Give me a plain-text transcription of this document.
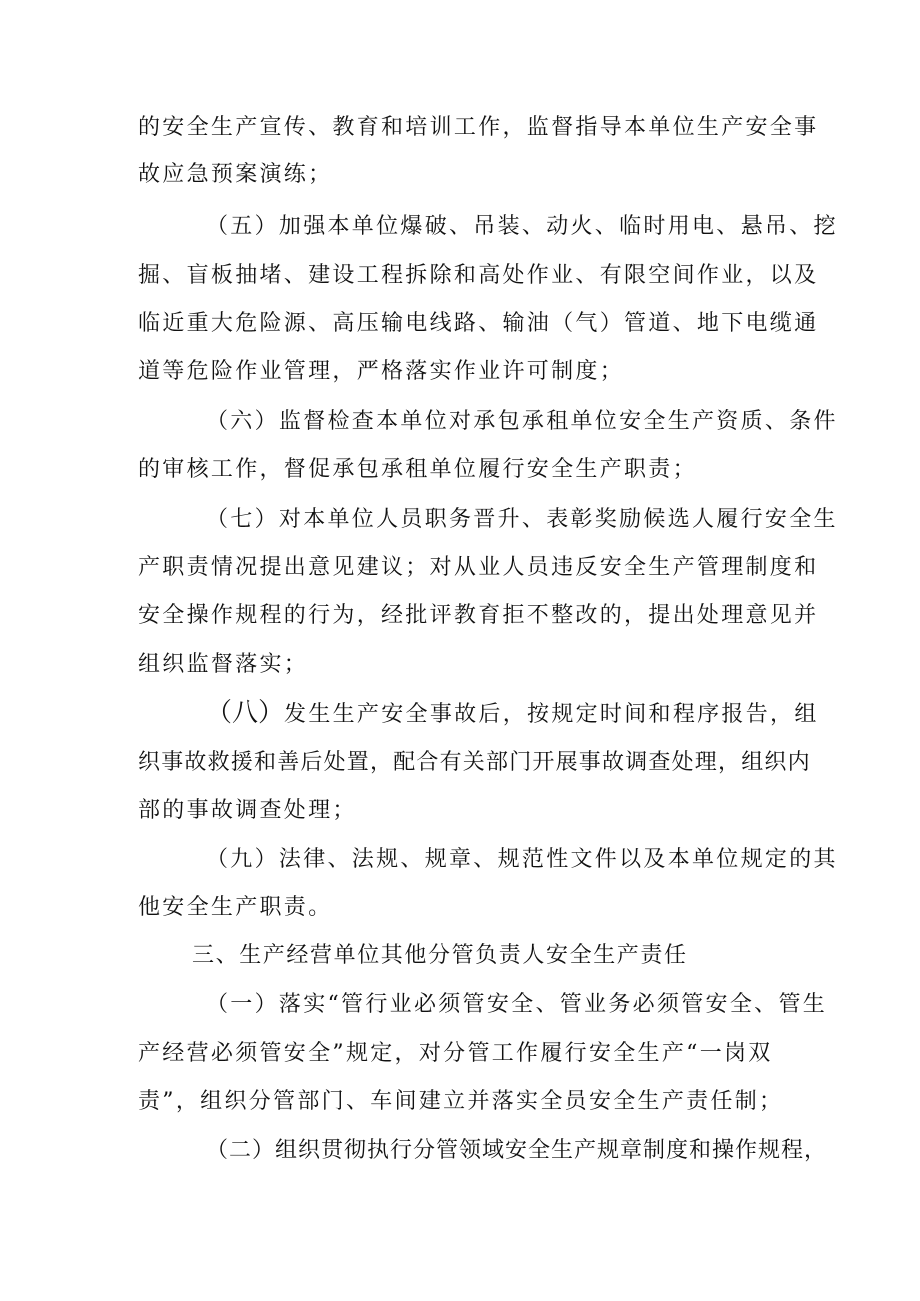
的安全生产宣传、教育和培训工作，监督指导本单位生产安全事
故应急预案演练；
（五）加强本单位爆破、吊装、动火、临时用电、悬吊、挖
掘、盲板抽堵、建设工程拆除和高处作业、有限空间作业，以及
临近重大危险源、高压输电线路、输油（气）管道、地下电缆通
道等危险作业管理，严格落实作业许可制度；
（六）监督检查本单位对承包承租单位安全生产资质、条件
的审核工作，督促承包承租单位履行安全生产职责；
（七）对本单位人员职务晋升、表彰奖励候选人履行安全生
产职责情况提出意见建议；对从业人员违反安全生产管理制度和
安全操作规程的行为，经批评教育拒不整改的，提出处理意见并
组织监督落实；
（八）发生生产安全事故后，按规定时间和程序报告，组
织事故救援和善后处置，配合有关部门开展事故调查处理，组织内
部的事故调查处理；
（九）法律、法规、规章、规范性文件以及本单位规定的其
他安全生产职责。
三、生产经营单位其他分管负责人安全生产责任
（一）落实“管行业必须管安全、管业务必须管安全、管生
产经营必须管安全”规定，对分管工作履行安全生产“一岗双
责”，组织分管部门、车间建立并落实全员安全生产责任制；
（二）组织贯彻执行分管领域安全生产规章制度和操作规程，
